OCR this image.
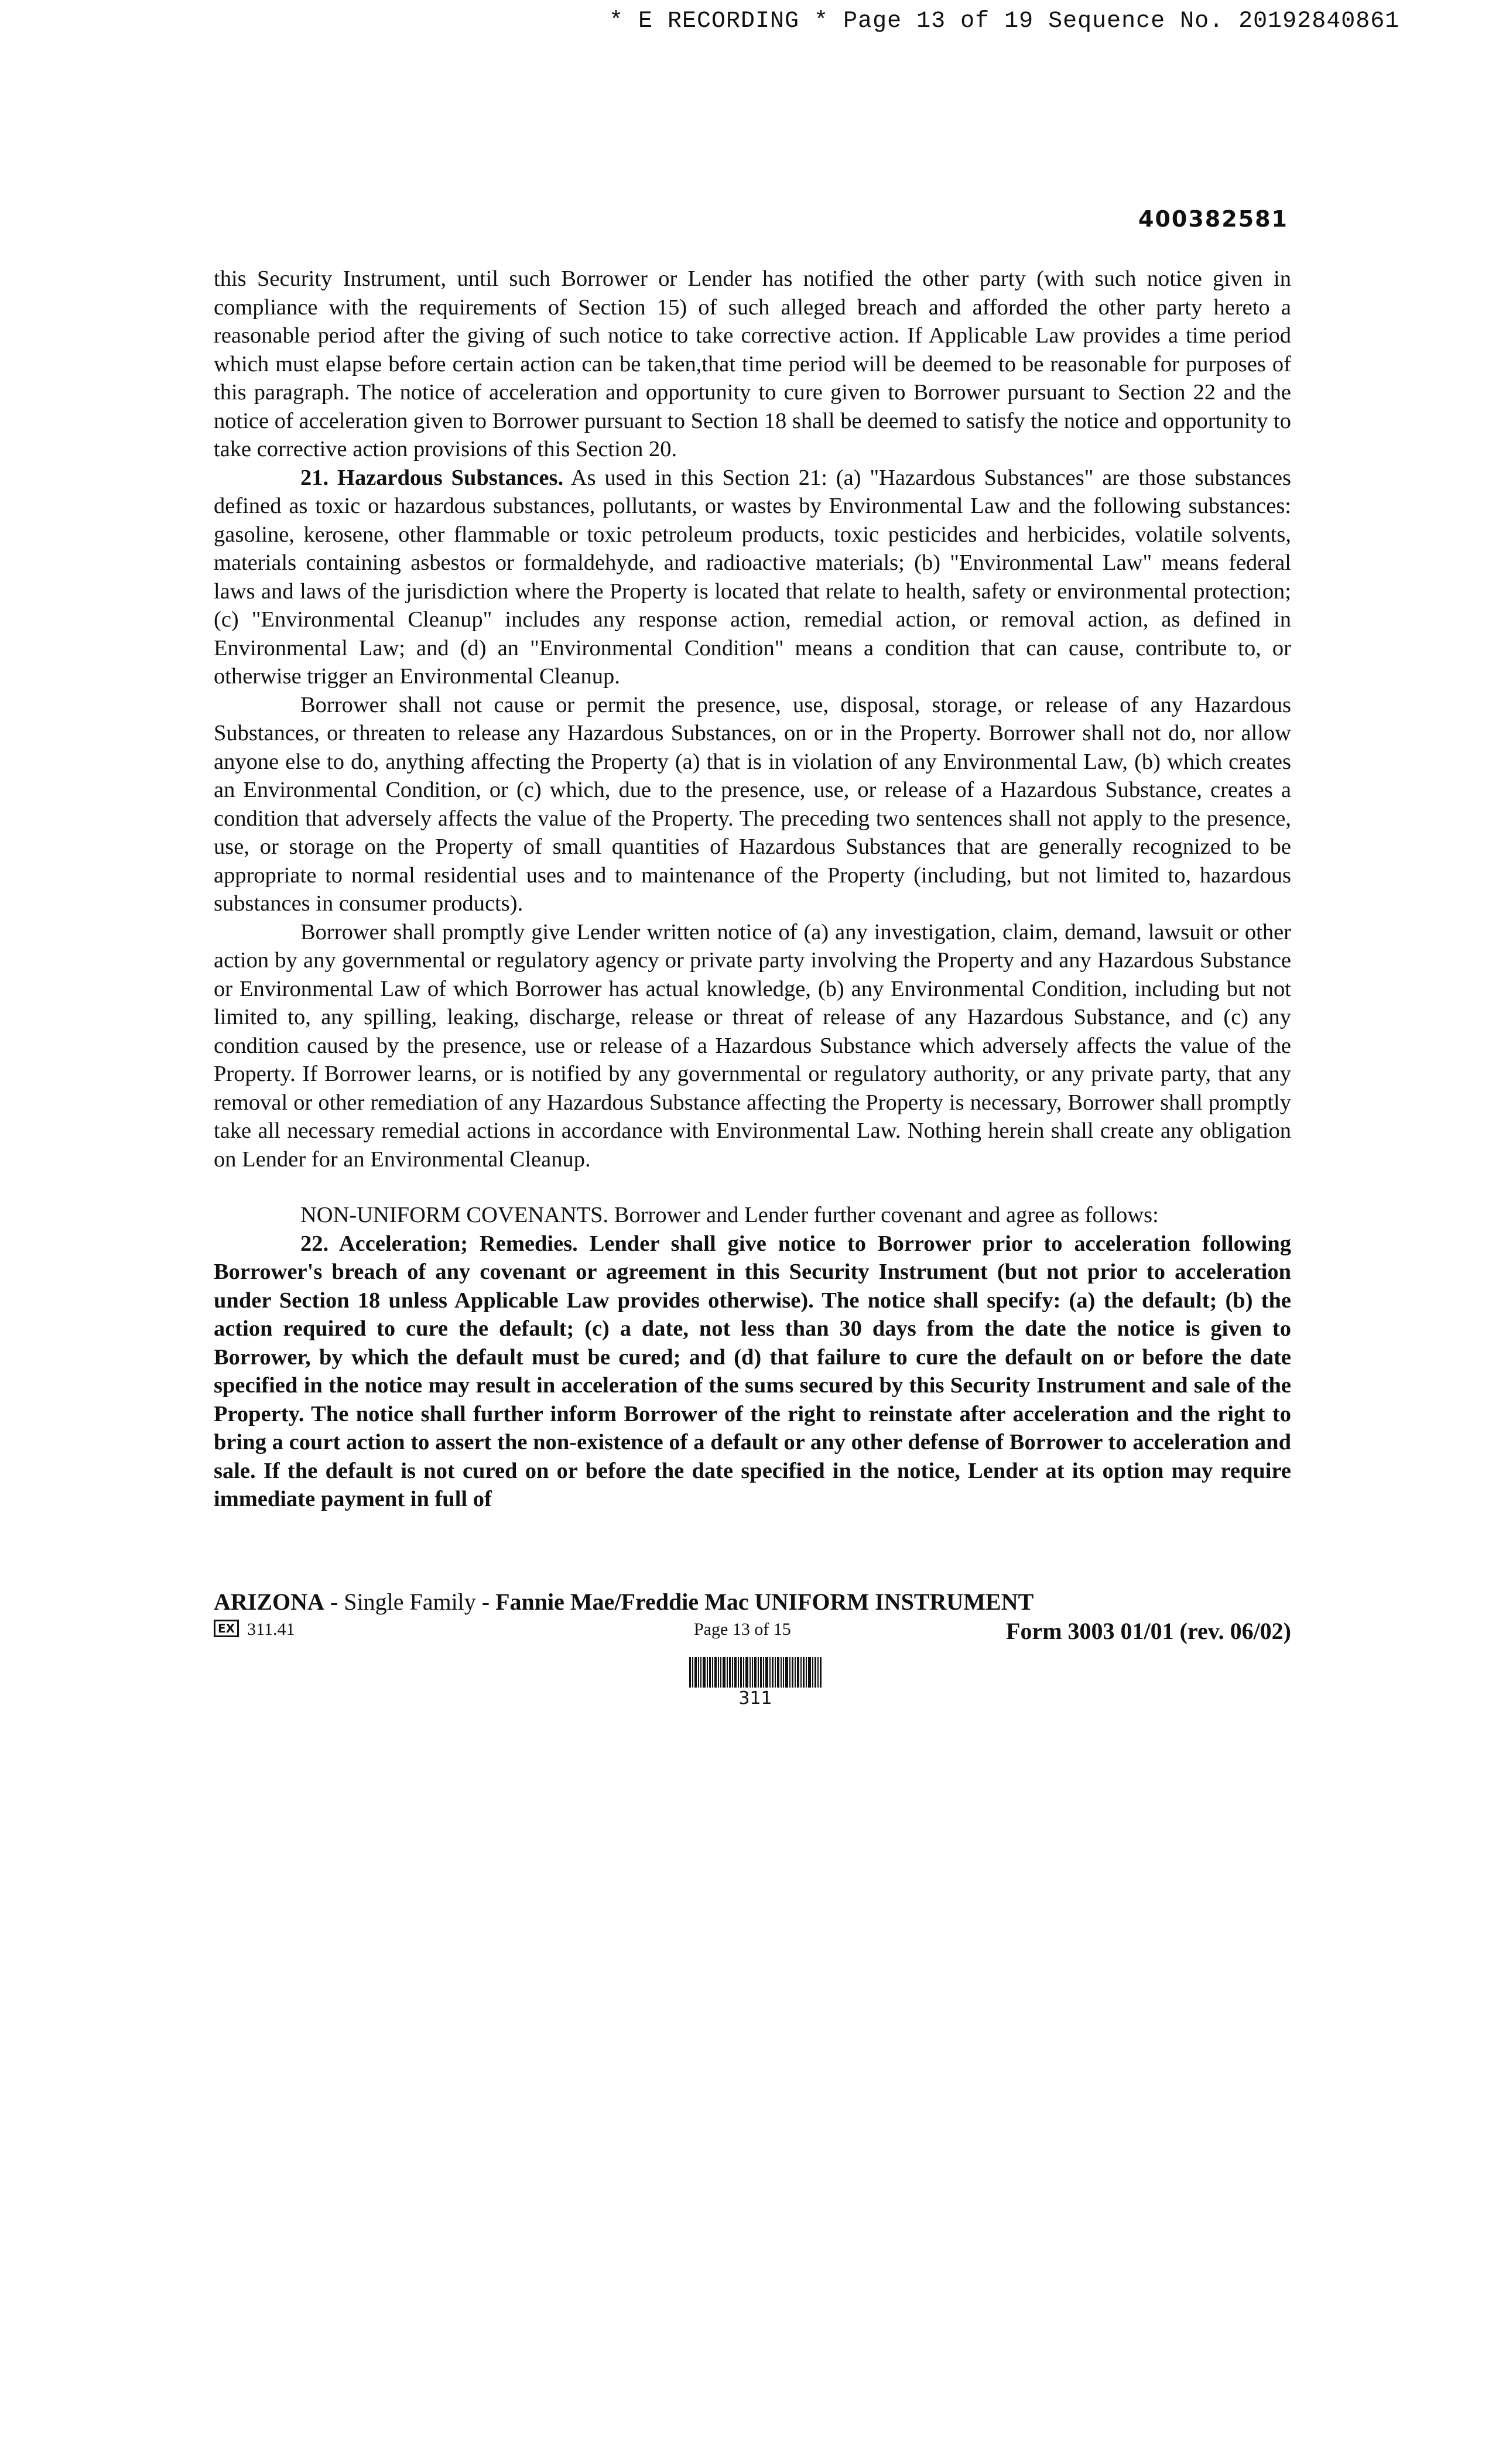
* E RECORDING * Page 13 of 19 Sequence No. 20192840861
400382581

this Security Instrument, until such Borrower or Lender has notified the other party (with such notice given in compliance with the requirements of Section 15) of such alleged breach and afforded the other party hereto a reasonable period after the giving of such notice to take corrective action. If Applicable Law provides a time period which must elapse before certain action can be taken,that time period will be deemed to be reasonable for purposes of this paragraph. The notice of acceleration and opportunity to cure given to Borrower pursuant to Section 22 and the notice of acceleration given to Borrower pursuant to Section 18 shall be deemed to satisfy the notice and opportunity to take corrective action provisions of this Section 20.

21. Hazardous Substances. As used in this Section 21: (a) "Hazardous Substances" are those substances defined as toxic or hazardous substances, pollutants, or wastes by Environmental Law and the following substances: gasoline, kerosene, other flammable or toxic petroleum products, toxic pesticides and herbicides, volatile solvents, materials containing asbestos or formaldehyde, and radioactive materials; (b) "Environmental Law" means federal laws and laws of the jurisdiction where the Property is located that relate to health, safety or environmental protection; (c) "Environmental Cleanup" includes any response action, remedial action, or removal action, as defined in Environmental Law; and (d) an "Environmental Condition" means a condition that can cause, contribute to, or otherwise trigger an Environmental Cleanup.

Borrower shall not cause or permit the presence, use, disposal, storage, or release of any Hazardous Substances, or threaten to release any Hazardous Substances, on or in the Property. Borrower shall not do, nor allow anyone else to do, anything affecting the Property (a) that is in violation of any Environmental Law, (b) which creates an Environmental Condition, or (c) which, due to the presence, use, or release of a Hazardous Substance, creates a condition that adversely affects the value of the Property. The preceding two sentences shall not apply to the presence, use, or storage on the Property of small quantities of Hazardous Substances that are generally recognized to be appropriate to normal residential uses and to maintenance of the Property (including, but not limited to, hazardous substances in consumer products).

Borrower shall promptly give Lender written notice of (a) any investigation, claim, demand, lawsuit or other action by any governmental or regulatory agency or private party involving the Property and any Hazardous Substance or Environmental Law of which Borrower has actual knowledge, (b) any Environmental Condition, including but not limited to, any spilling, leaking, discharge, release or threat of release of any Hazardous Substance, and (c) any condition caused by the presence, use or release of a Hazardous Substance which adversely affects the value of the Property. If Borrower learns, or is notified by any governmental or regulatory authority, or any private party, that any removal or other remediation of any Hazardous Substance affecting the Property is necessary, Borrower shall promptly take all necessary remedial actions in accordance with Environmental Law. Nothing herein shall create any obligation on Lender for an Environmental Cleanup.

NON-UNIFORM COVENANTS. Borrower and Lender further covenant and agree as follows:

22. Acceleration; Remedies. Lender shall give notice to Borrower prior to acceleration following Borrower's breach of any covenant or agreement in this Security Instrument (but not prior to acceleration under Section 18 unless Applicable Law provides otherwise). The notice shall specify: (a) the default; (b) the action required to cure the default; (c) a date, not less than 30 days from the date the notice is given to Borrower, by which the default must be cured; and (d) that failure to cure the default on or before the date specified in the notice may result in acceleration of the sums secured by this Security Instrument and sale of the Property. The notice shall further inform Borrower of the right to reinstate after acceleration and the right to bring a court action to assert the non-existence of a default or any other defense of Borrower to acceleration and sale. If the default is not cured on or before the date specified in the notice, Lender at its option may require immediate payment in full of

ARIZONA - Single Family - Fannie Mae/Freddie Mac UNIFORM INSTRUMENT
EX 311.41	Page 13 of 15	Form 3003 01/01 (rev. 06/02)
311
